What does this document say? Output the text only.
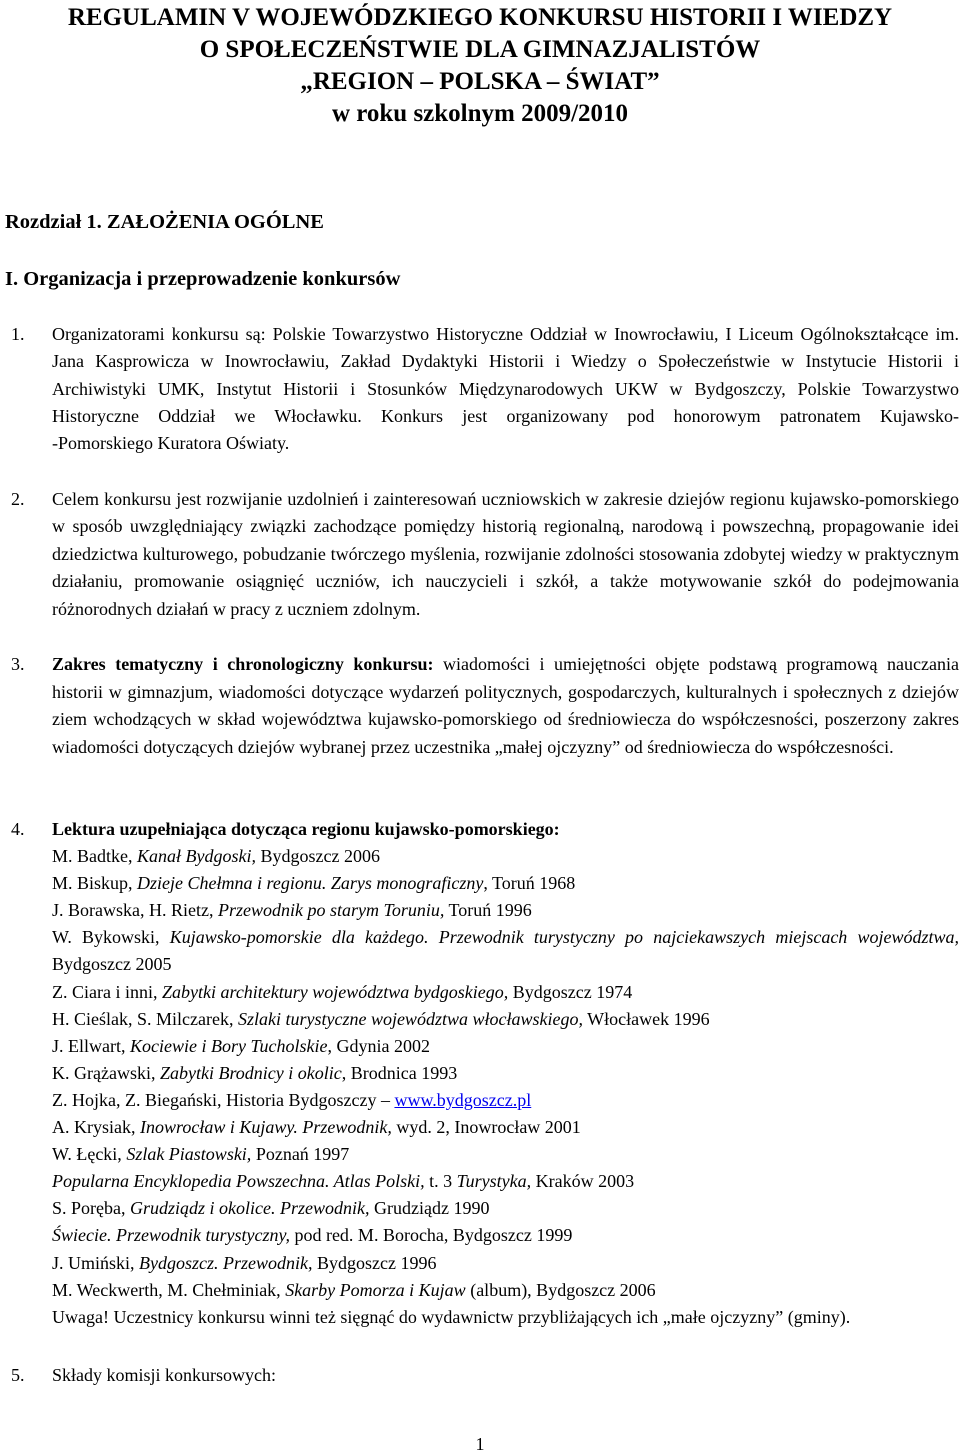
REGULAMIN V WOJEWÓDZKIEGO KONKURSU HISTORII I WIEDZY
O SPOŁECZEŃSTWIE DLA GIMNAZJALISTÓW
„REGION – POLSKA – ŚWIAT”
w roku szkolnym 2009/2010
Rozdział 1. ZAŁOŻENIA OGÓLNE
I. Organizacja i przeprowadzenie konkursów
1. Organizatorami konkursu są: Polskie Towarzystwo Historyczne Oddział w Inowrocławiu, I Liceum Ogólnokształcące im. Jana Kasprowicza w Inowrocławiu, Zakład Dydaktyki Historii i Wiedzy o Społeczeństwie w Instytucie Historii i Archiwistyki UMK, Instytut Historii i Stosunków Międzynarodowych UKW w Bydgoszczy, Polskie Towarzystwo Historyczne Oddział we Włocławku. Konkurs jest organizowany pod honorowym patronatem Kujawsko-

-Pomorskiego Kuratora Oświaty.

2. Celem konkursu jest rozwijanie uzdolnień i zainteresowań uczniowskich w zakresie dziejów regionu kujawsko-pomorskiego w sposób uwzględniający związki zachodzące pomiędzy historią regionalną, narodową i powszechną, propagowanie idei dziedzictwa kulturowego, pobudzanie twórczego myślenia, rozwijanie zdolności stosowania zdobytej wiedzy w praktycznym działaniu, promowanie osiągnięć uczniów, ich nauczycieli i szkół, a także motywowanie szkół do podejmowania różnorodnych działań w pracy z uczniem zdolnym.

3. Zakres tematyczny i chronologiczny konkursu: wiadomości i umiejętności objęte podstawą programową nauczania historii w gimnazjum, wiadomości dotyczące wydarzeń politycznych, gospodarczych, kulturalnych i społecznych z dziejów ziem wchodzących w skład województwa kujawsko-pomorskiego od średniowiecza do współczesności, poszerzony zakres wiadomości dotyczących dziejów wybranej przez uczestnika „małej ojczyzny” od średniowiecza do współczesności.

4. Lektura uzupełniająca dotycząca regionu kujawsko-pomorskiego:

M. Badtke, Kanał Bydgoski, Bydgoszcz 2006

M. Biskup, Dzieje Chełmna i regionu. Zarys monograficzny, Toruń 1968

J. Borawska, H. Rietz, Przewodnik po starym Toruniu, Toruń 1996

W. Bykowski, Kujawsko-pomorskie dla każdego. Przewodnik turystyczny po najciekawszych miejscach województwa, Bydgoszcz 2005

Z. Ciara i inni, Zabytki architektury województwa bydgoskiego, Bydgoszcz 1974

H. Cieślak, S. Milczarek, Szlaki turystyczne województwa włocławskiego, Włocławek 1996

J. Ellwart, Kociewie i Bory Tucholskie, Gdynia 2002

K. Grążawski, Zabytki Brodnicy i okolic, Brodnica 1993

Z. Hojka, Z. Biegański, Historia Bydgoszczy – www.bydgoszcz.pl

A. Krysiak, Inowrocław i Kujawy. Przewodnik, wyd. 2, Inowrocław 2001

W. Łęcki, Szlak Piastowski, Poznań 1997

Popularna Encyklopedia Powszechna. Atlas Polski, t. 3 Turystyka, Kraków 2003

S. Poręba, Grudziądz i okolice. Przewodnik, Grudziądz 1990

Świecie. Przewodnik turystyczny, pod red. M. Borocha, Bydgoszcz 1999

J. Umiński, Bydgoszcz. Przewodnik, Bydgoszcz 1996

M. Weckwerth, M. Chełminiak, Skarby Pomorza i Kujaw (album), Bydgoszcz 2006

Uwaga! Uczestnicy konkursu winni też sięgnąć do wydawnictw przybliżających ich „małe ojczyzny” (gminy).

5. Składy komisji konkursowych:

1
